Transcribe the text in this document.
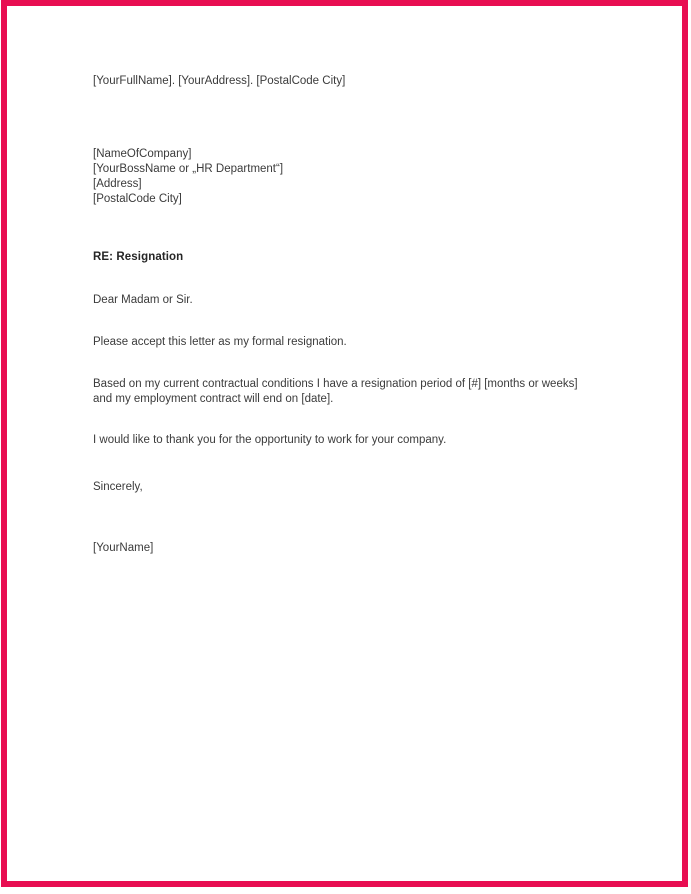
[YourFullName]. [YourAddress]. [PostalCode City]

[NameOfCompany]

[YourBossName or „HR Department“]

[Address]

[PostalCode City]

RE: Resignation

Dear Madam or Sir.

Please accept this letter as my formal resignation.

Based on my current contractual conditions I have a resignation period of [#] [months or weeks] and my employment contract will end on [date].

I would like to thank you for the opportunity to work for your company.

Sincerely,

[YourName]
